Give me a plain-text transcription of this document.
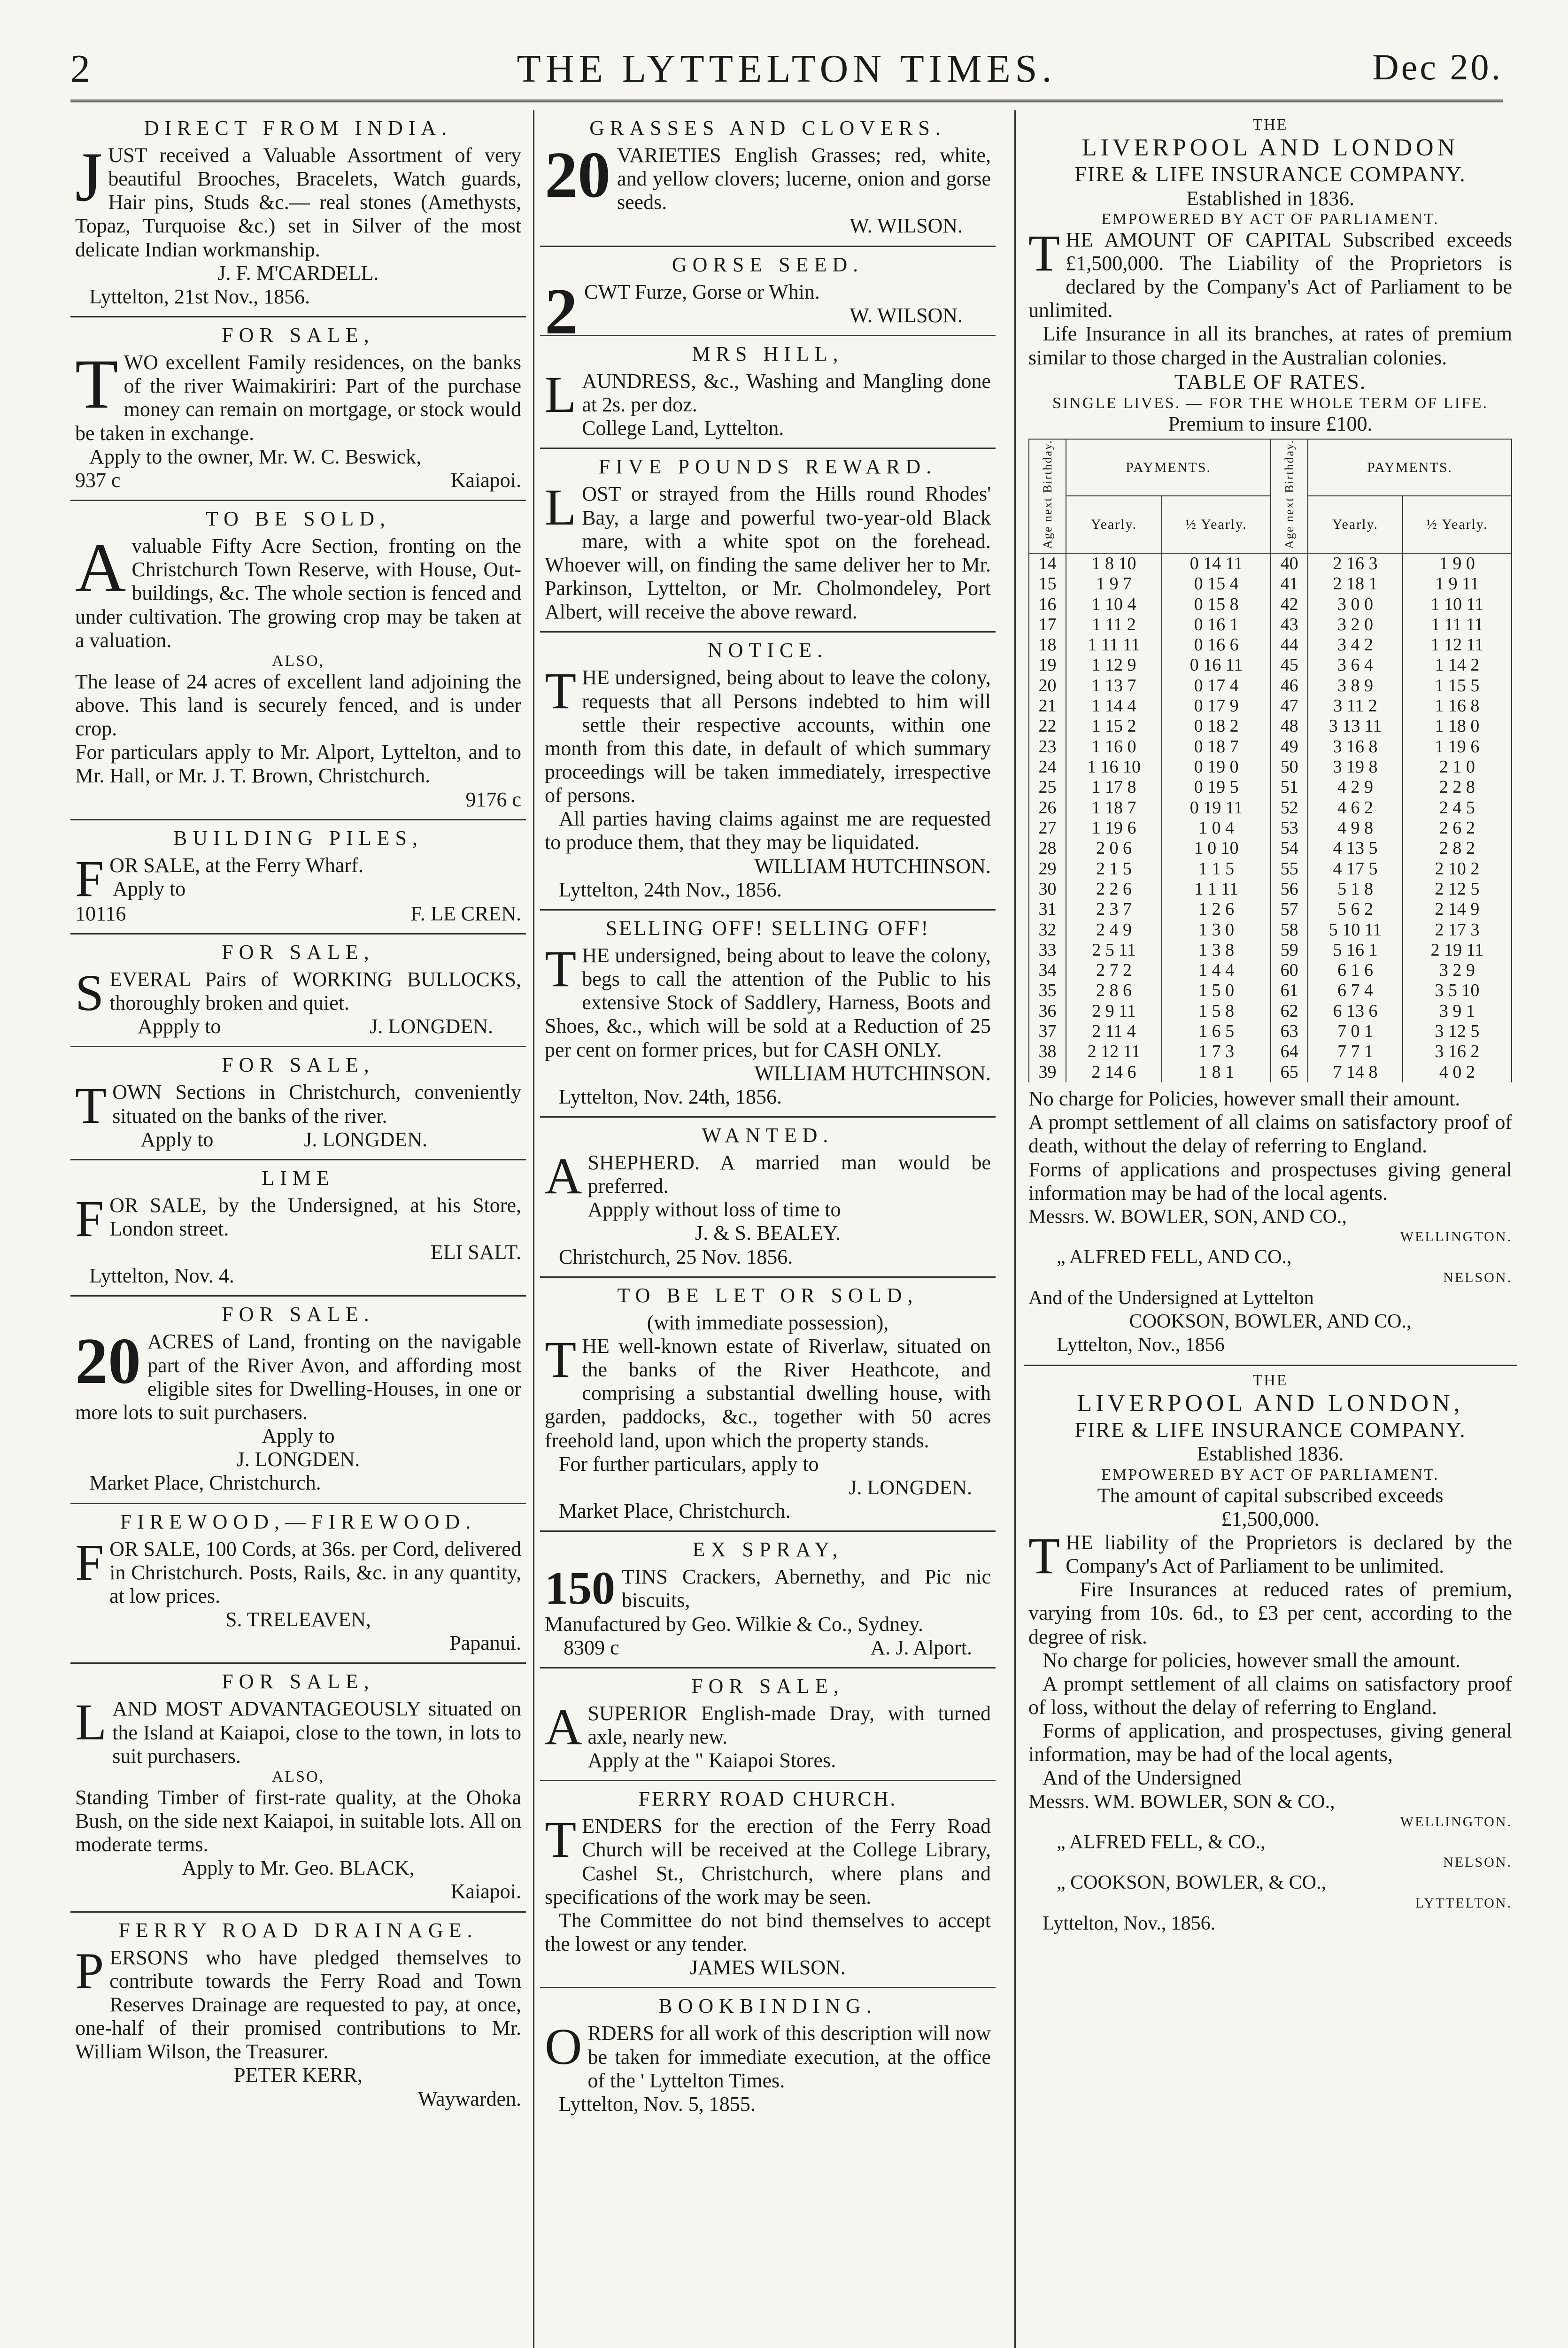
2	THE LYTTELTON TIMES.	Dec 20.
DIRECT FROM INDIA.
JUST received a Valuable Assortment of very beautiful Brooches, Bracelets, Watch guards, Hair pins, Studs &c.— real stones (Amethysts, Topaz, Turquoise &c.) set in Silver of the most delicate Indian workmanship.
J. F. M'CARDELL.
Lyttelton, 21st Nov., 1856.
FOR SALE,
TWO excellent Family residences, on the banks of the river Waimakiriri: Part of the purchase money can remain on mortgage, or stock would be taken in exchange.
Apply to the owner, Mr. W. C. Beswick,
937 c	Kaiapoi.
TO BE SOLD,
Avaluable Fifty Acre Section, fronting on the Christchurch Town Reserve, with House, Out-buildings, &c. The whole section is fenced and under cultivation. The growing crop may be taken at a valuation.
ALSO,
The lease of 24 acres of excellent land adjoining the above. This land is securely fenced, and is under crop.
For particulars apply to Mr. Alport, Lyttelton, and to Mr. Hall, or Mr. J. T. Brown, Christchurch.
9176 c
BUILDING PILES,
FOR SALE, at the Ferry Wharf.
Apply to
10116	F. LE CREN.
FOR SALE,
SEVERAL Pairs of WORKING BULLOCKS, thoroughly broken and quiet.
Appply to	J. LONGDEN.
FOR SALE,
TOWN Sections in Christchurch, conveniently situated on the banks of the river.
Apply to	J. LONGDEN.
LIME
FOR SALE, by the Undersigned, at his Store, London street.
ELI SALT.
Lyttelton, Nov. 4.
FOR SALE.
20 ACRES of Land, fronting on the navigable part of the River Avon, and affording most eligible sites for Dwelling-Houses, in one or more lots to suit purchasers.
Apply to
J. LONGDEN.
Market Place, Christchurch.
FIREWOOD,—FIREWOOD.
FOR SALE, 100 Cords, at 36s. per Cord, delivered in Christchurch. Posts, Rails, &c. in any quantity, at low prices.
S. TRELEAVEN,
Papanui.
FOR SALE,
LAND MOST ADVANTAGEOUSLY situated on the Island at Kaiapoi, close to the town, in lots to suit purchasers.
ALSO,
Standing Timber of first-rate quality, at the Ohoka Bush, on the side next Kaiapoi, in suitable lots. All on moderate terms.
Apply to Mr. Geo. BLACK,
Kaiapoi.
FERRY ROAD DRAINAGE.
PERSONS who have pledged themselves to contribute towards the Ferry Road and Town Reserves Drainage are requested to pay, at once, one-half of their promised contributions to Mr. William Wilson, the Treasurer.
PETER KERR,
Waywarden.
GRASSES AND CLOVERS.
20 VARIETIES English Grasses; red, white, and yellow clovers; lucerne, onion and gorse seeds.
W. WILSON.
GORSE SEED.
2 CWT Furze, Gorse or Whin.
W. WILSON.
MRS HILL,
LAUNDRESS, &c., Washing and Mangling done at 2s. per doz.
College Land, Lyttelton.
FIVE POUNDS REWARD.
LOST or strayed from the Hills round Rhodes' Bay, a large and powerful two-year-old Black mare, with a white spot on the forehead. Whoever will, on finding the same deliver her to Mr. Parkinson, Lyttelton, or Mr. Cholmondeley, Port Albert, will receive the above reward.
NOTICE.
THE undersigned, being about to leave the colony, requests that all Persons indebted to him will settle their respective accounts, within one month from this date, in default of which summary proceedings will be taken immediately, irrespective of persons.
All parties having claims against me are requested to produce them, that they may be liquidated.
WILLIAM HUTCHINSON.
Lyttelton, 24th Nov., 1856.
SELLING OFF! SELLING OFF!
THE undersigned, being about to leave the colony, begs to call the attention of the Public to his extensive Stock of Saddlery, Harness, Boots and Shoes, &c., which will be sold at a Reduction of 25 per cent on former prices, but for CASH ONLY.
WILLIAM HUTCHINSON.
Lyttelton, Nov. 24th, 1856.
WANTED.
ASHEPHERD. A married man would be preferred.
Appply without loss of time to
J. & S. BEALEY.
Christchurch, 25 Nov. 1856.
TO BE LET OR SOLD,
(with immediate possession),
THE well-known estate of Riverlaw, situated on the banks of the River Heathcote, and comprising a substantial dwelling house, with garden, paddocks, &c., together with 50 acres freehold land, upon which the property stands.
For further particulars, apply to
J. LONGDEN.
Market Place, Christchurch.
EX SPRAY,
150 TINS Crackers, Abernethy, and Pic nic biscuits,
Manufactured by Geo. Wilkie & Co., Sydney.
8309 c	A. J. Alport.
FOR SALE,
ASUPERIOR English-made Dray, with turned axle, nearly new.
Apply at the " Kaiapoi Stores.
FERRY ROAD CHURCH.
TENDERS for the erection of the Ferry Road Church will be received at the College Library, Cashel St., Christchurch, where plans and specifications of the work may be seen.
The Committee do not bind themselves to accept the lowest or any tender.
JAMES WILSON.
BOOKBINDING.
ORDERS for all work of this description will now be taken for immediate execution, at the office of the ' Lyttelton Times.
Lyttelton, Nov. 5, 1855.
THE
LIVERPOOL AND LONDON
FIRE & LIFE INSURANCE COMPANY.
Established in 1836.
EMPOWERED BY ACT OF PARLIAMENT.
THE AMOUNT OF CAPITAL Subscribed exceeds £1,500,000. The Liability of the Proprietors is declared by the Company's Act of Parliament to be unlimited.
Life Insurance in all its branches, at rates of premium similar to those charged in the Australian colonies.
TABLE OF RATES.
SINGLE LIVES. — FOR THE WHOLE TERM OF LIFE.
Premium to insure £100.
Age next Birthday.	PAYMENTS.		Age next Birthday.	PAYMENTS.	
	Yearly.	½ Yearly.		Yearly.	½ Yearly.
14	1 8 10	0 14 11	40	2 16 3	1 9 0
15	1 9 7	0 15 4	41	2 18 1	1 9 11
16	1 10 4	0 15 8	42	3 0 0	1 10 11
17	1 11 2	0 16 1	43	3 2 0	1 11 11
18	1 11 11	0 16 6	44	3 4 2	1 12 11
19	1 12 9	0 16 11	45	3 6 4	1 14 2
20	1 13 7	0 17 4	46	3 8 9	1 15 5
21	1 14 4	0 17 9	47	3 11 2	1 16 8
22	1 15 2	0 18 2	48	3 13 11	1 18 0
23	1 16 0	0 18 7	49	3 16 8	1 19 6
24	1 16 10	0 19 0	50	3 19 8	2 1 0
25	1 17 8	0 19 5	51	4 2 9	2 2 8
26	1 18 7	0 19 11	52	4 6 2	2 4 5
27	1 19 6	1 0 4	53	4 9 8	2 6 2
28	2 0 6	1 0 10	54	4 13 5	2 8 2
29	2 1 5	1 1 5	55	4 17 5	2 10 2
30	2 2 6	1 1 11	56	5 1 8	2 12 5
31	2 3 7	1 2 6	57	5 6 2	2 14 9
32	2 4 9	1 3 0	58	5 10 11	2 17 3
33	2 5 11	1 3 8	59	5 16 1	2 19 11
34	2 7 2	1 4 4	60	6 1 6	3 2 9
35	2 8 6	1 5 0	61	6 7 4	3 5 10
36	2 9 11	1 5 8	62	6 13 6	3 9 1
37	2 11 4	1 6 5	63	7 0 1	3 12 5
38	2 12 11	1 7 3	64	7 7 1	3 16 2
39	2 14 6	1 8 1	65	7 14 8	4 0 2
No charge for Policies, however small their amount.
A prompt settlement of all claims on satisfactory proof of death, without the delay of referring to England.
Forms of applications and prospectuses giving general information may be had of the local agents.
Messrs. W. BOWLER, SON, AND CO.,
WELLINGTON.
„ ALFRED FELL, AND CO.,
NELSON.
And of the Undersigned at Lyttelton
COOKSON, BOWLER, AND CO.,
Lyttelton, Nov., 1856
THE
LIVERPOOL AND LONDON,
FIRE & LIFE INSURANCE COMPANY.
Established 1836.
EMPOWERED BY ACT OF PARLIAMENT.
The amount of capital subscribed exceeds
£1,500,000.
THE liability of the Proprietors is declared by the Company's Act of Parliament to be unlimited.
Fire Insurances at reduced rates of premium, varying from 10s. 6d., to £3 per cent, according to the degree of risk.
No charge for policies, however small the amount.
A prompt settlement of all claims on satisfactory proof of loss, without the delay of referring to England.
Forms of application, and prospectuses, giving general information, may be had of the local agents,
And of the Undersigned
Messrs. WM. BOWLER, SON & CO.,
WELLINGTON.
„ ALFRED FELL, & CO.,
NELSON.
„ COOKSON, BOWLER, & CO.,
LYTTELTON.
Lyttelton, Nov., 1856.
